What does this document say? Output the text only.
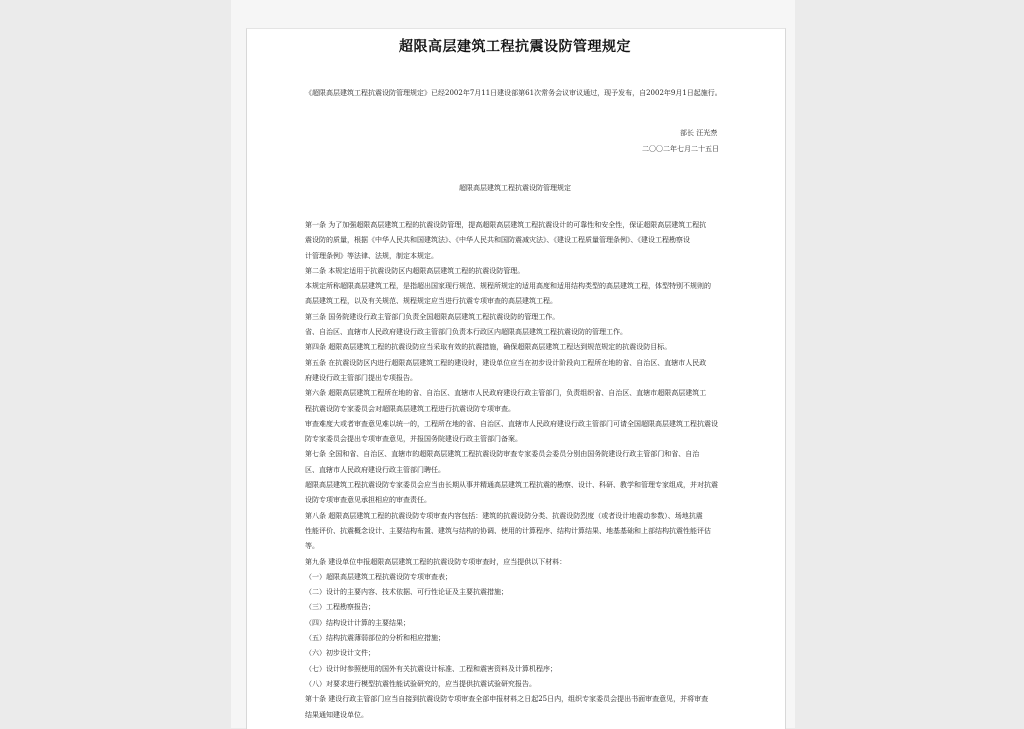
超限高层建筑工程抗震设防管理规定
《超限高层建筑工程抗震设防管理规定》已经2002年7月11日建设部第61次常务会议审议通过，现予发布，自2002年9月1日起施行。
部长 汪光焘
二〇〇二年七月二十五日
超限高层建筑工程抗震设防管理规定
第一条 为了加强超限高层建筑工程的抗震设防管理，提高超限高层建筑工程抗震设计的可靠性和安全性，保证超限高层建筑工程抗
震设防的质量，根据《中华人民共和国建筑法》、《中华人民共和国防震减灾法》、《建设工程质量管理条例》、《建设工程勘察设
计管理条例》等法律、法规，制定本规定。
第二条 本规定适用于抗震设防区内超限高层建筑工程的抗震设防管理。
本规定所称超限高层建筑工程，是指超出国家现行规范、规程所规定的适用高度和适用结构类型的高层建筑工程，体型特别不规则的
高层建筑工程，以及有关规范、规程规定应当进行抗震专项审查的高层建筑工程。
第三条 国务院建设行政主管部门负责全国超限高层建筑工程抗震设防的管理工作。
省、自治区、直辖市人民政府建设行政主管部门负责本行政区内超限高层建筑工程抗震设防的管理工作。
第四条 超限高层建筑工程的抗震设防应当采取有效的抗震措施，确保超限高层建筑工程达到规范规定的抗震设防目标。
第五条 在抗震设防区内进行超限高层建筑工程的建设时，建设单位应当在初步设计阶段向工程所在地的省、自治区、直辖市人民政
府建设行政主管部门提出专项报告。
第六条 超限高层建筑工程所在地的省、自治区、直辖市人民政府建设行政主管部门，负责组织省、自治区、直辖市超限高层建筑工
程抗震设防专家委员会对超限高层建筑工程进行抗震设防专项审查。
审查难度大或者审查意见难以统一的，工程所在地的省、自治区、直辖市人民政府建设行政主管部门可请全国超限高层建筑工程抗震设
防专家委员会提出专项审查意见，并报国务院建设行政主管部门备案。
第七条 全国和省、自治区、直辖市的超限高层建筑工程抗震设防审查专家委员会委员分别由国务院建设行政主管部门和省、自治
区、直辖市人民政府建设行政主管部门聘任。
超限高层建筑工程抗震设防专家委员会应当由长期从事并精通高层建筑工程抗震的勘察、设计、科研、教学和管理专家组成，并对抗震
设防专项审查意见承担相应的审查责任。
第八条 超限高层建筑工程的抗震设防专项审查内容包括：建筑的抗震设防分类、抗震设防烈度（或者设计地震动参数）、场地抗震
性能评价、抗震概念设计、主要结构布置、建筑与结构的协调、使用的计算程序、结构计算结果、地基基础和上部结构抗震性能评估
等。
第九条 建设单位申报超限高层建筑工程的抗震设防专项审查时，应当提供以下材料：
（一）超限高层建筑工程抗震设防专项审查表；
（二）设计的主要内容、技术依据、可行性论证及主要抗震措施；
（三）工程勘察报告；
（四）结构设计计算的主要结果；
（五）结构抗震薄弱部位的分析和相应措施；
（六）初步设计文件；
（七）设计时参照使用的国外有关抗震设计标准、工程和震害资料及计算机程序；
（八）对要求进行模型抗震性能试验研究的，应当提供抗震试验研究报告。
第十条 建设行政主管部门应当自接到抗震设防专项审查全部申报材料之日起25日内，组织专家委员会提出书面审查意见，并将审查
结果通知建设单位。
